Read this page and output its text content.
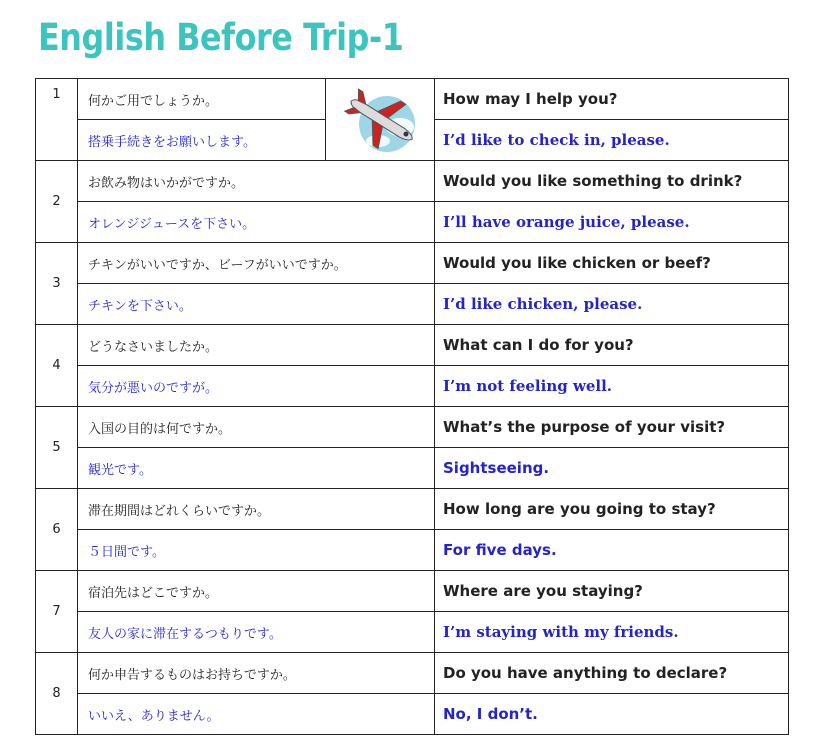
English Before Trip-1
1	何かご用でしょうか。		How may I help you?
	搭乗手続きをお願いします。		I’d like to check in, please.
2	お飲み物はいかがですか。		Would you like something to drink?
	オレンジジュースを下さい。		I’ll have orange juice, please.
3	チキンがいいですか、ビーフがいいですか。		Would you like chicken or beef?
	チキンを下さい。		I’d like chicken, please.
4	どうなさいましたか。		What can I do for you?
	気分が悪いのですが。		I’m not feeling well.
5	入国の目的は何ですか。		What’s the purpose of your visit?
	観光です。		Sightseeing.
6	滞在期間はどれくらいですか。		How long are you going to stay?
	５日間です。		For five days.
7	宿泊先はどこですか。		Where are you staying?
	友人の家に滞在するつもりです。		I’m staying with my friends.
8	何か申告するものはお持ちですか。		Do you have anything to declare?
	いいえ、ありません。		No, I don’t.
